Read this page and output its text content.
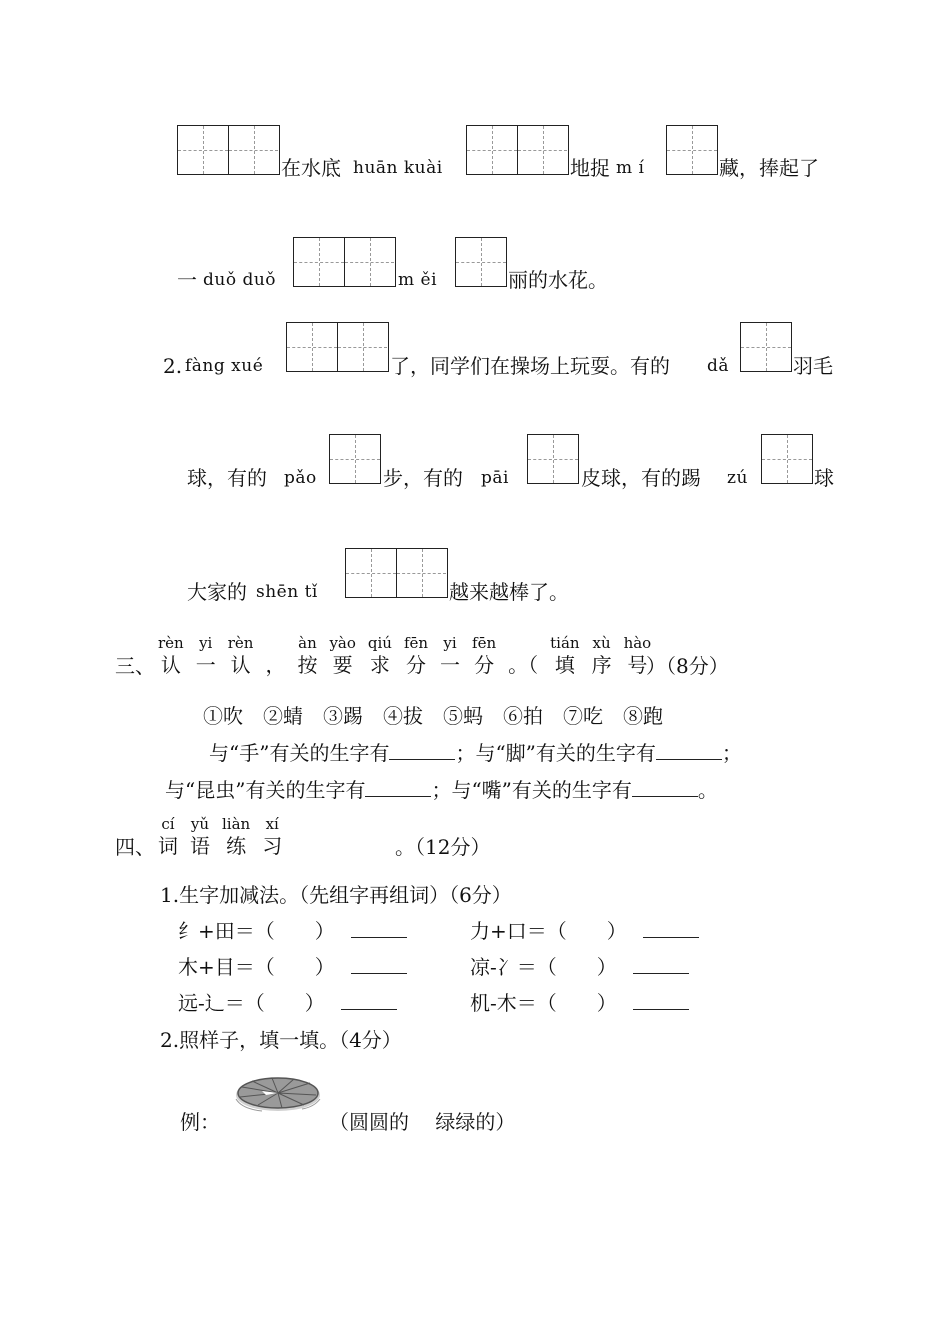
在水底 huān kuài	地捉 m í	藏，捧起了
一 duǒ duǒ	m ěi	丽的水花。
2. fàng xué	了，同学们在操场上玩耍。有的 dǎ	羽毛
球，有的 pǎo	步，有的 pāi	皮球，有的踢 zú	球
大家的 shēn tǐ	越来越棒了。
三、
rèn
认
yi
一
rèn
认
，
àn
按
yào
要
qiú
求
fēn
分
yi
一
fēn
分
。（
tián
填
xù
序
hào
号
）（8分）
①吹　②蜻　③踢　④拔　⑤蚂　⑥拍　⑦吃　⑧跑
与“手”有关的生字有	；与“脚”有关的生字有	；
与“昆虫”有关的生字有	；与“嘴”有关的生字有	。
四、
cí
词
yǔ
语
liàn
练
xí
习	。（12分）
1.生字加减法。（先组字再组词）（6分）
纟+田＝（　　）	力+口＝（　　）
木+目＝（　　）	凉-冫＝（　　）
远-辶＝（　　）	机-木＝（　　）
2.照样子，填一填。（4分）
例：	（圆圆的　 绿绿的）
